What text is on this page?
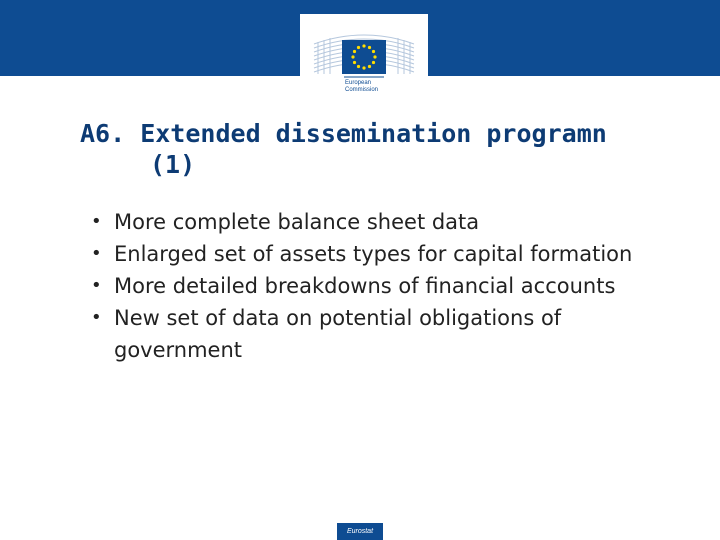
European
Commission
A6. Extended dissemination programn
(1)
• More complete balance sheet data
• Enlarged set of assets types for capital formation
• More detailed breakdowns of financial accounts
• New set of data on potential obligations of government
Eurostat
